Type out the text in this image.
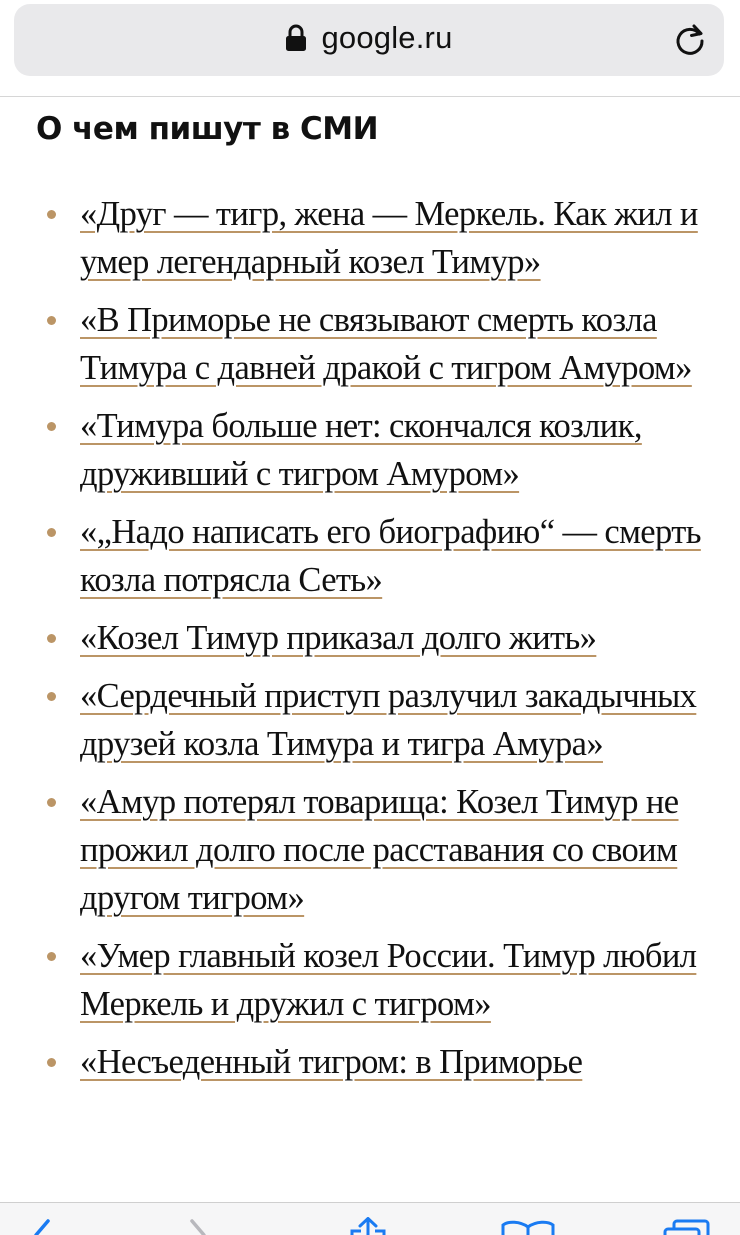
google.ru
О чем пишут в СМИ
«Друг — тигр, жена — Меркель. Как жил и умер легендарный козел Тимур»
«В Приморье не связывают смерть козла Тимура с давней дракой с тигром Амуром»
«Тимура больше нет: скончался козлик, друживший с тигром Амуром»
«„Надо написать его биографию“ — смерть козла потрясла Сеть»
«Козел Тимур приказал долго жить»
«Сердечный приступ разлучил закадычных друзей козла Тимура и тигра Амура»
«Амур потерял товарища: Козел Тимур не прожил долго после расставания со своим другом тигром»
«Умер главный козел России. Тимур любил Меркель и дружил с тигром»
«Несъеденный тигром: в Приморье
